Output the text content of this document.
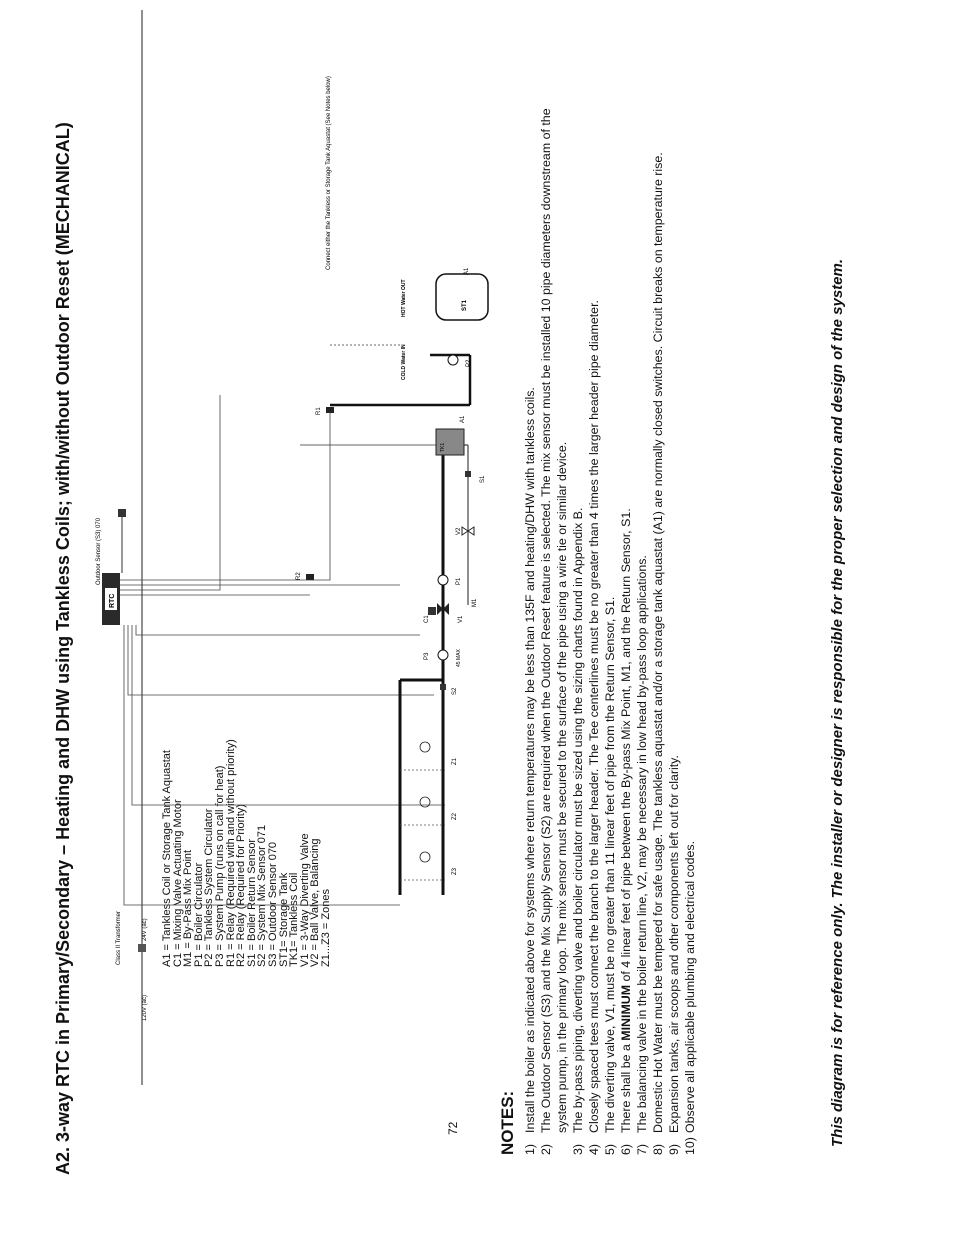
A2. 3-way RTC in Primary/Secondary – Heating and DHW using Tankless Coils; with/without Outdoor Reset (MECHANICAL)	A1 = Tankless Coil or Storage Tank Aquastat
C1 = Mixing Valve Actuating Motor
M1 = By-Pass Mix Point
P1 = Boiler Circulator
P2 = Tankless System Circulator
P3 = System Pump (runs on call for heat)
R1 = Relay (Required with and without priority)
R2 = Relay (Required for Priority)
S1 = Boiler Return Sensor
S2 = System Mix Sensor 071
S3 = Outdoor Sensor 070
ST1= Storage Tank
TK1= Tankless Coil
V1 = 3-Way Diverting Valve
V2 = Ball Valve, Balancing
Z1...Z3 = Zones
120V (ac)
Class II Transformer	24V (ac)
RTC
Outdoor Sensor (S3) 070
Z3
Z2
Z1
S2
P3	45 MAX
C1	V1
M1
P1
R2
V2
S1
TK1
A1
R1
COLD Water IN	P2
ST1
HOT Water OUT
A1
Connect either the Tankless or Storage Tank Aquastat (See Notes below)
NOTES: 1)
Install the boiler as indicated above for systems where return temperatures may be less than 135F and heating/DHW with tankless coils.
2)
The Outdoor Sensor (S3) and the Mix Supply Sensor (S2) are required when the Outdoor Reset feature is selected. The mix sensor must be installed 10 pipe diameters downstream of the system pump, in the primary loop. The mix sensor must be secured to the surface of the pipe using a wire tie or similar device.
3)
The by-pass piping, diverting valve and boiler circulator must be sized using the sizing charts found in Appendix B.
4)
Closely spaced tees must connect the branch to the larger header. The Tee centerlines must be no greater than 4 times the larger header pipe diameter.
5)
The diverting valve, V1, must be no greater than 11 linear feet of pipe from the Return Sensor, S1.
6)
There shall be a MINIMUM of 4 linear feet of pipe between the By-pass Mix Point, M1, and the Return Sensor, S1.
7)
The balancing valve in the boiler return line, V2, may be necessary in low head by-pass loop applications.
8)
Domestic Hot Water must be tempered for safe usage. The tankless aquastat and/or a storage tank aquastat (A1) are normally closed switches. Circuit breaks on temperature rise.
9)
Expansion tanks, air scoops and other components left out for clarity.
10)
Observe all applicable plumbing and electrical codes.	This diagram is for reference only. The installer or designer is responsible for the proper selection and design of the system.
72
